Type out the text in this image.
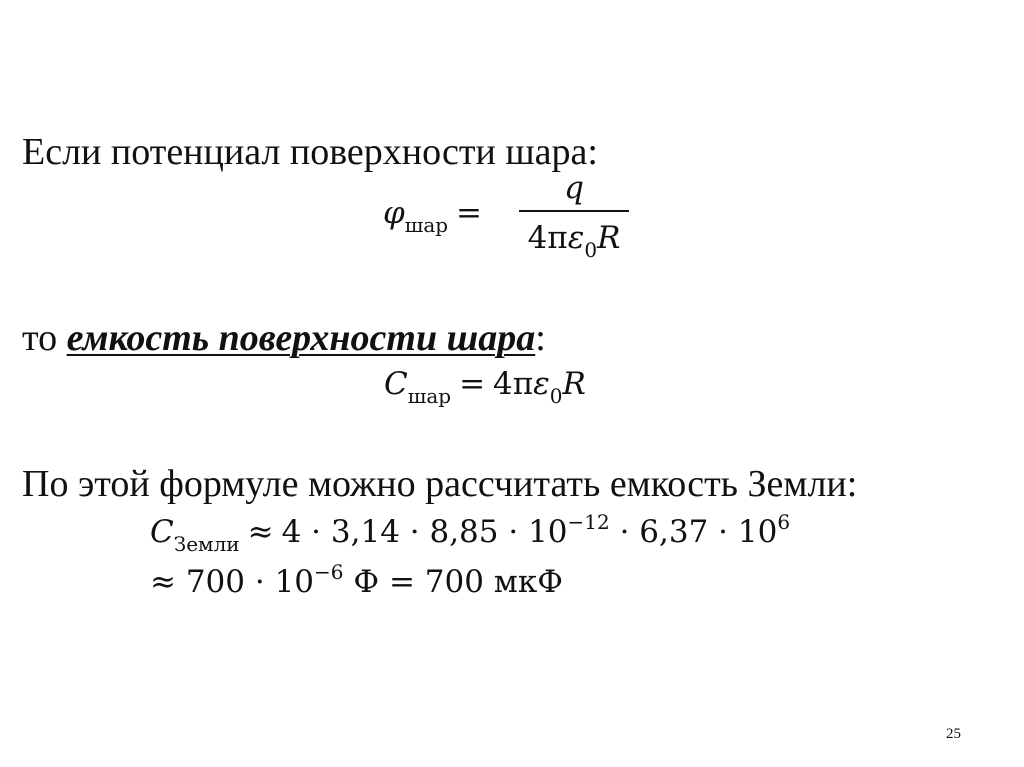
Если потенциал поверхности шара:
$\varphi_{шар}$ =
q
$4\pi\varepsilon_0R$
то емкость поверхности шара:
$C_{шар} = 4\pi\varepsilon_0R$
По этой формуле можно рассчитать емкость Земли:
$C_{Земли} \approx 4 \cdot 3,14 \cdot 8,85 \cdot 10^{-12} \cdot 6,37 \cdot 10^6$
≈ $700 \cdot 10^{-6}$ Ф = 700 мкФ
25
